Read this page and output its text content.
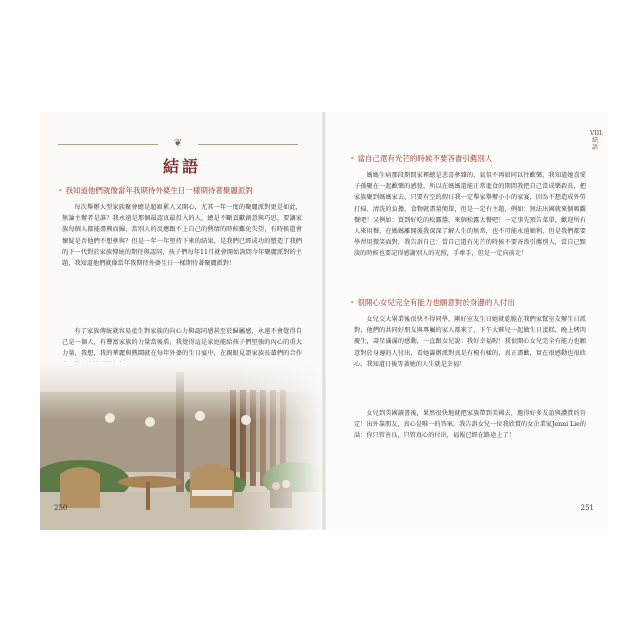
❦
結語

• 我知道他們就像當年我期待外婆生日一樣期待著聚麗派對

每次舉辦大型家族聚會總是超級累人又開心，尤其一年一度的聚麗派對更是如此，無論主辦者是誰？我永遠是那個最認真最投入的人，總是不斷貢獻創意與巧思，要讓家族每個人都能盡興而歸，當別人的反應跟不上自己的熱情的時候難免失望，有時候還會懷疑是否他們不想參與？但是一年一年堅持下來的結果，是我們已經成功的塑造了我們的下一代對於家族傳統的期待與認同，孩子們每年11月就會開始詢問今年聚麗派對的主題，我知道他們就像當年我期待外婆生日一樣期待著聚麗派對！

有了家族傳統就容易產生對家族的向心力與認同感甚至於歸屬感，永遠不會覺得自己是一個人，有豐富家族的力量當後盾，我覺得這是家庭能給孩子們堅強的內心的重大力量，我想，我的華麗與熱鬧就在每年外婆的生日宴中，在親眼見證家族長輩們的合作

250
VIII．結語

• 當自己還有光芒的時候不要吝嗇引薦別人

媽媽生病那段期間家裡總是悲喜參雜的，氣氛不再如同以往歡樂，我知道她喜愛子孫聚在一起歡樂的感覺，所以在媽媽還能正常進食的期間我把自己當成樂殺長，把家族聚到媽媽家去，只要有空的假日我一定舉家舉辦小小的家宴，因為不想造成外勞打掃、清洗的負擔，食物就盡量簡單，但是一定有主題，例如：無法出國就來個吸觀餐吧！又例如：買到好吃的松露醬，來個松露大餐吧！一定事先預告菜單，歡迎所有人來用餐，在媽媽離開後我深深了解人生的無常，也不可能永遠順利，但是我們都要學習用微笑面對，我告訴自己：當自己還有光芒的時候不要吝嗇引薦別人，當自己黯淡的時候也要記得感謝別人的光照，手牽手，但是一定向前走！

• 很開心女兒完全有能力也願意對於身邊的人付出

女兒交大畢業後很快不得同學，剛好室友生日她就乾脆在我們家幫室友辦生日派對，他們的共同好朋友與專屬的家人都來了，下午大夥兒一起做生日蛋糕，晚上烤肉慶生，壽星滿滿的感動，一直跟女兒說：我好幸福喔！我很開心女兒完全有能力也願意對於身邊的人付出，看她籌辦派對真是有模有樣的，真正盡歡，實在很感動也很欣心，我知道日後等著她的人生就是幸福！

女兒到美國讀書後，果然很快地就把家族帶到美國去，邀得好多友誼與讚賞的肯定！出外靠朋友，真心是唯一的答案，我告訴女兒一位我欣賞的女企業家Jenni Lie的話：你只管善良，只管真心的付出，福報已經在路途上了！

251
